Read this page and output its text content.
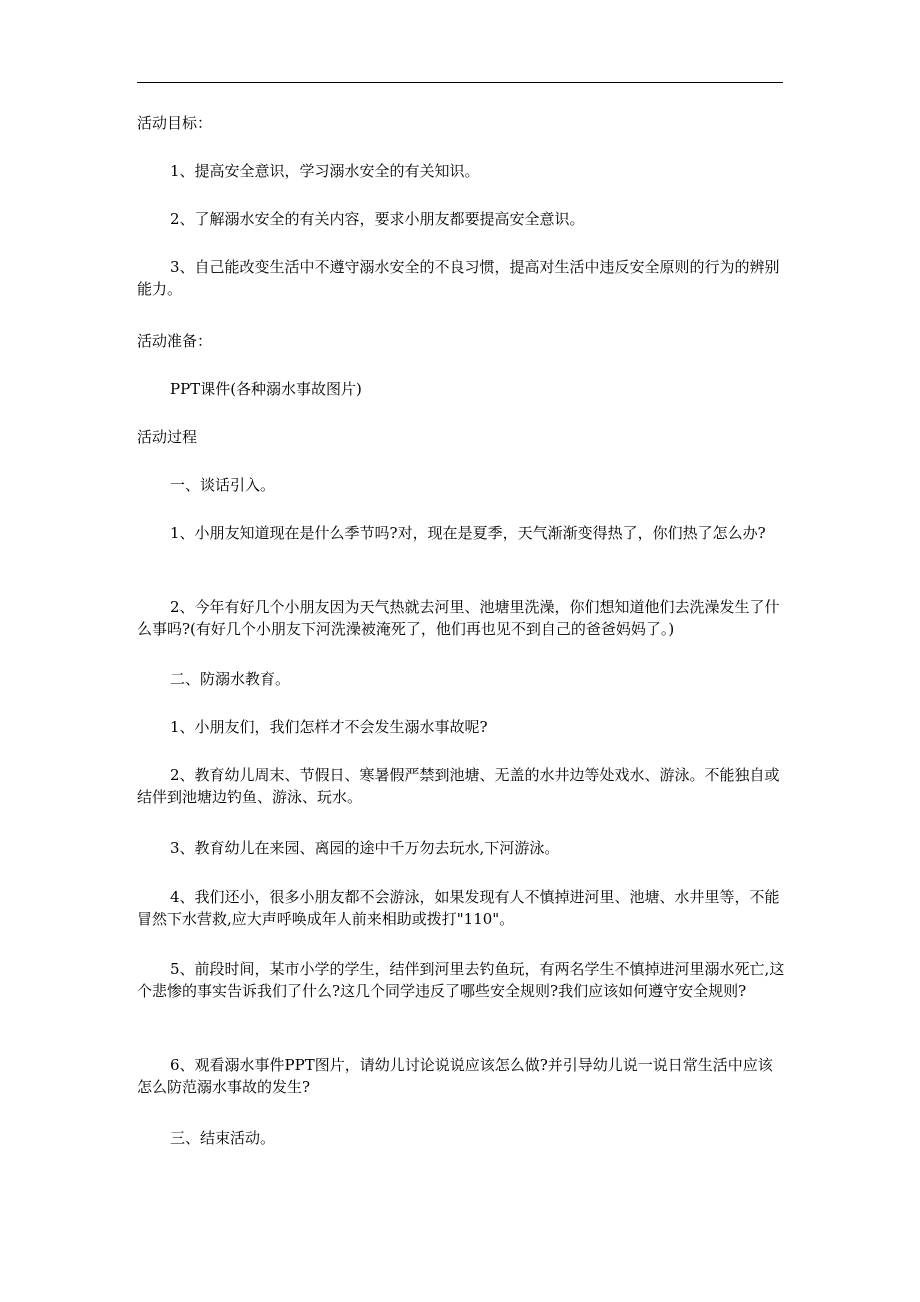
活动目标：

1、提高安全意识，学习溺水安全的有关知识。

2、了解溺水安全的有关内容，要求小朋友都要提高安全意识。

3、自己能改变生活中不遵守溺水安全的不良习惯，提高对生活中违反安全原则的行为的辨别能力。

活动准备：

PPT课件(各种溺水事故图片)

活动过程

一、谈话引入。

1、小朋友知道现在是什么季节吗?对，现在是夏季，天气渐渐变得热了，你们热了怎么办?

2、今年有好几个小朋友因为天气热就去河里、池塘里洗澡，你们想知道他们去洗澡发生了什么事吗?(有好几个小朋友下河洗澡被淹死了，他们再也见不到自己的爸爸妈妈了。)

二、防溺水教育。

1、小朋友们，我们怎样才不会发生溺水事故呢?

2、教育幼儿周末、节假日、寒暑假严禁到池塘、无盖的水井边等处戏水、游泳。不能独自或结伴到池塘边钓鱼、游泳、玩水。

3、教育幼儿在来园、离园的途中千万勿去玩水,下河游泳。

4、我们还小，很多小朋友都不会游泳，如果发现有人不慎掉进河里、池塘、水井里等，不能冒然下水营救,应大声呼唤成年人前来相助或拨打"110"。

5、前段时间，某市小学的学生，结伴到河里去钓鱼玩，有两名学生不慎掉进河里溺水死亡,这个悲惨的事实告诉我们了什么?这几个同学违反了哪些安全规则?我们应该如何遵守安全规则?

6、观看溺水事件PPT图片，请幼儿讨论说说应该怎么做?并引导幼儿说一说日常生活中应该怎么防范溺水事故的发生?

三、结束活动。
